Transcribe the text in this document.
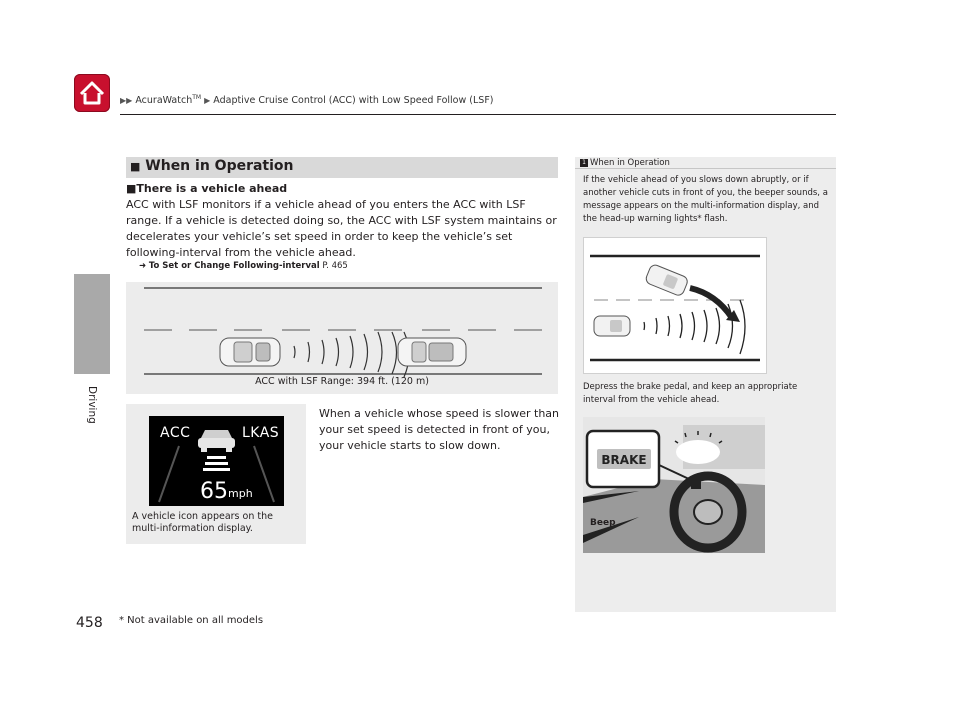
▶▶ AcuraWatch™ ▶ Adaptive Cruise Control (ACC) with Low Speed Follow (LSF)
Driving
■ When in Operation
■There is a vehicle ahead
ACC with LSF monitors if a vehicle ahead of you enters the ACC with LSF range. If a vehicle is detected doing so, the ACC with LSF system maintains or decelerates your vehicle’s set speed in order to keep the vehicle’s set following-interval from the vehicle ahead.
➜ To Set or Change Following-interval P. 465
ACC with LSF Range: 394 ft. (120 m)
ACC	LKAS
65 mph
A vehicle icon appears on the multi-information display.
When a vehicle whose speed is slower than your set speed is detected in front of you, your vehicle starts to slow down.
1 When in Operation
If the vehicle ahead of you slows down abruptly, or if another vehicle cuts in front of you, the beeper sounds, a message appears on the multi-information display, and the head-up warning lights* flash.
Depress the brake pedal, and keep an appropriate interval from the vehicle ahead.
BRAKE
Beep
458 * Not available on all models
